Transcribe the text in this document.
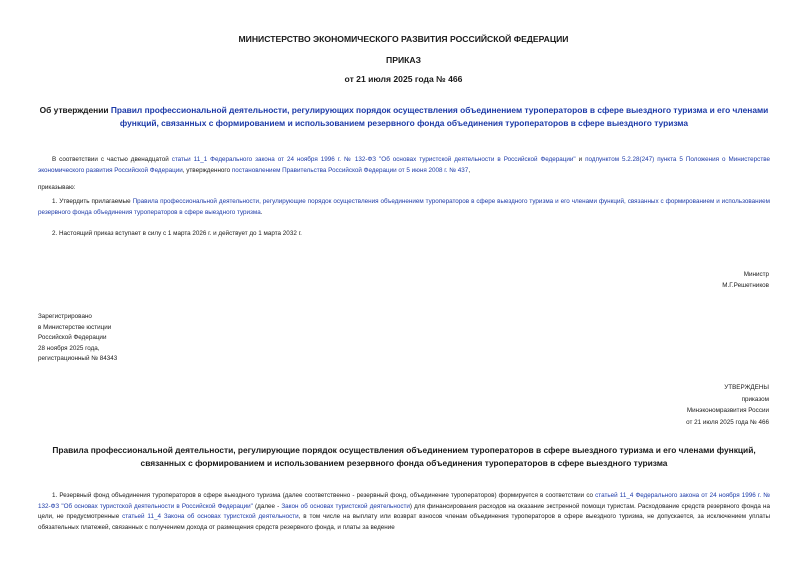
МИНИСТЕРСТВО ЭКОНОМИЧЕСКОГО РАЗВИТИЯ РОССИЙСКОЙ ФЕДЕРАЦИИ
ПРИКАЗ
от 21 июля 2025 года № 466
Об утверждении Правил профессиональной деятельности, регулирующих порядок осуществления объединением туроператоров в сфере выездного туризма и его членами функций, связанных с формированием и использованием резервного фонда объединения туроператоров в сфере выездного туризма
В соответствии с частью двенадцатой статьи 11_1 Федерального закона от 24 ноября 1996 г. № 132-ФЗ "Об основах туристской деятельности в Российской Федерации" и подпунктом 5.2.28(247) пункта 5 Положения о Министерстве экономического развития Российской Федерации, утвержденного постановлением Правительства Российской Федерации от 5 июня 2008 г. № 437,
приказываю:
1. Утвердить прилагаемые Правила профессиональной деятельности, регулирующие порядок осуществления объединением туроператоров в сфере выездного туризма и его членами функций, связанных с формированием и использованием резервного фонда объединения туроператоров в сфере выездного туризма.
2. Настоящий приказ вступает в силу с 1 марта 2026 г. и действует до 1 марта 2032 г.
Министр
М.Г.Решетников
Зарегистрировано
в Министерстве юстиции
Российской Федерации
28 ноября 2025 года,
регистрационный № 84343
УТВЕРЖДЕНЫ
приказом
Минэкономразвития России
от 21 июля 2025 года № 466
Правила профессиональной деятельности, регулирующие порядок осуществления объединением туроператоров в сфере выездного туризма и его членами функций, связанных с формированием и использованием резервного фонда объединения туроператоров в сфере выездного туризма
1. Резервный фонд объединения туроператоров в сфере выездного туризма (далее соответственно - резервный фонд, объединение туроператоров) формируется в соответствии со статьей 11_4 Федерального закона от 24 ноября 1996 г. № 132-ФЗ "Об основах туристской деятельности в Российской Федерации" (далее - Закон об основах туристской деятельности) для финансирования расходов на оказание экстренной помощи туристам. Расходование средств резервного фонда на цели, не предусмотренные статьей 11_4 Закона об основах туристской деятельности, в том числе на выплату или возврат взносов членам объединения туроператоров в сфере выездного туризма, не допускается, за исключением уплаты обязательных платежей, связанных с получением дохода от размещения средств резервного фонда, и платы за ведение
